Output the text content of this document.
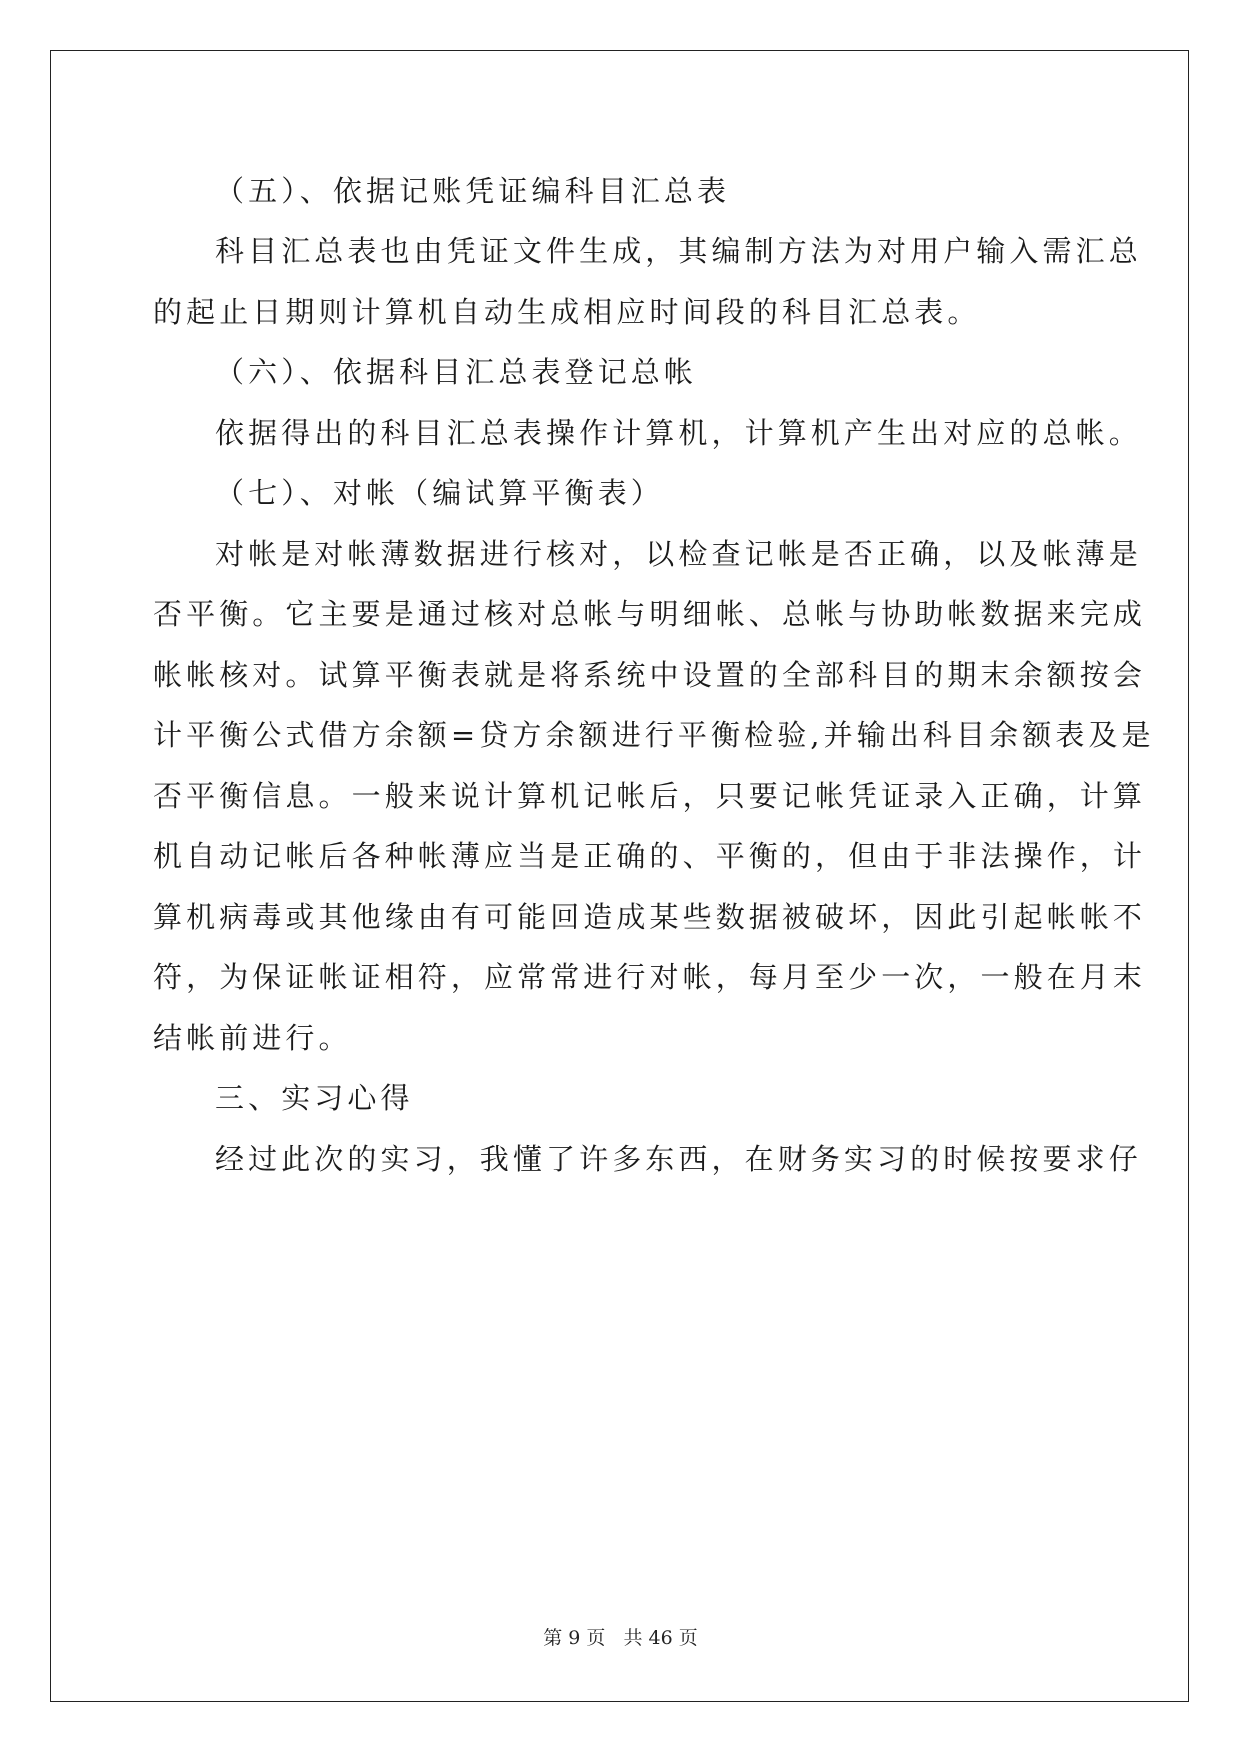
（五）、依据记账凭证编科目汇总表
科目汇总表也由凭证文件生成，其编制方法为对用户输入需汇总
的起止日期则计算机自动生成相应时间段的科目汇总表。
（六）、依据科目汇总表登记总帐
依据得出的科目汇总表操作计算机，计算机产生出对应的总帐。
（七）、对帐（编试算平衡表）
对帐是对帐薄数据进行核对，以检查记帐是否正确，以及帐薄是
否平衡。它主要是通过核对总帐与明细帐、总帐与协助帐数据来完成
帐帐核对。试算平衡表就是将系统中设置的全部科目的期末余额按会
计平衡公式借方余额=贷方余额进行平衡检验,并输出科目余额表及是
否平衡信息。一般来说计算机记帐后，只要记帐凭证录入正确，计算
机自动记帐后各种帐薄应当是正确的、平衡的，但由于非法操作，计
算机病毒或其他缘由有可能回造成某些数据被破坏，因此引起帐帐不
符，为保证帐证相符，应常常进行对帐，每月至少一次，一般在月末
结帐前进行。
三、实习心得
经过此次的实习，我懂了许多东西，在财务实习的时候按要求仔
第 9 页 共 46 页
